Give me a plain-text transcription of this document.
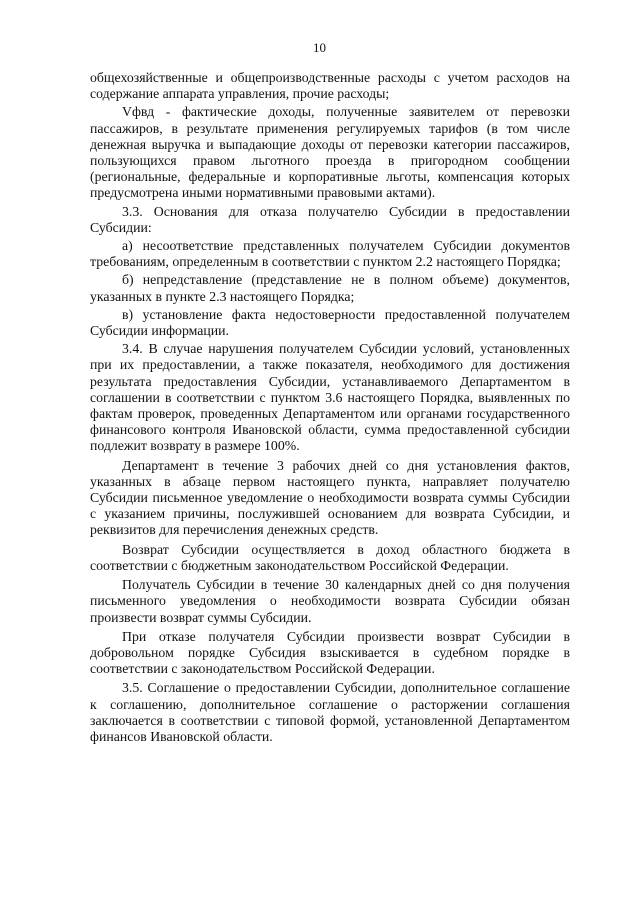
10

общехозяйственные и общепроизводственные расходы с учетом расходов на содержание аппарата управления, прочие расходы;

Vфвд - фактические доходы, полученные заявителем от перевозки пассажиров, в результате применения регулируемых тарифов (в том числе денежная выручка и выпадающие доходы от перевозки категории пассажиров, пользующихся правом льготного проезда в пригородном сообщении (региональные, федеральные и корпоративные льготы, компенсация которых предусмотрена иными нормативными правовыми актами).

3.3. Основания для отказа получателю Субсидии в предоставлении Субсидии:

а) несоответствие представленных получателем Субсидии документов требованиям, определенным в соответствии с пунктом 2.2 настоящего Порядка;

б) непредставление (представление не в полном объеме) документов, указанных в пункте 2.3 настоящего Порядка;

в) установление факта недостоверности предоставленной получателем Субсидии информации.

3.4. В случае нарушения получателем Субсидии условий, установленных при их предоставлении, а также показателя, необходимого для достижения результата предоставления Субсидии, устанавливаемого Департаментом в соглашении в соответствии с пунктом 3.6 настоящего Порядка, выявленных по фактам проверок, проведенных Департаментом или органами государственного финансового контроля Ивановской области, сумма предоставленной субсидии подлежит возврату в размере 100%.

Департамент в течение 3 рабочих дней со дня установления фактов, указанных в абзаце первом настоящего пункта, направляет получателю Субсидии письменное уведомление о необходимости возврата суммы Субсидии с указанием причины, послужившей основанием для возврата Субсидии, и реквизитов для перечисления денежных средств.

Возврат Субсидии осуществляется в доход областного бюджета в соответствии с бюджетным законодательством Российской Федерации.

Получатель Субсидии в течение 30 календарных дней со дня получения письменного уведомления о необходимости возврата Субсидии обязан произвести возврат суммы Субсидии.

При отказе получателя Субсидии произвести возврат Субсидии в добровольном порядке Субсидия взыскивается в судебном порядке в соответствии с законодательством Российской Федерации.

3.5. Соглашение о предоставлении Субсидии, дополнительное соглашение к соглашению, дополнительное соглашение о расторжении соглашения заключается в соответствии с типовой формой, установленной Департаментом финансов Ивановской области.
